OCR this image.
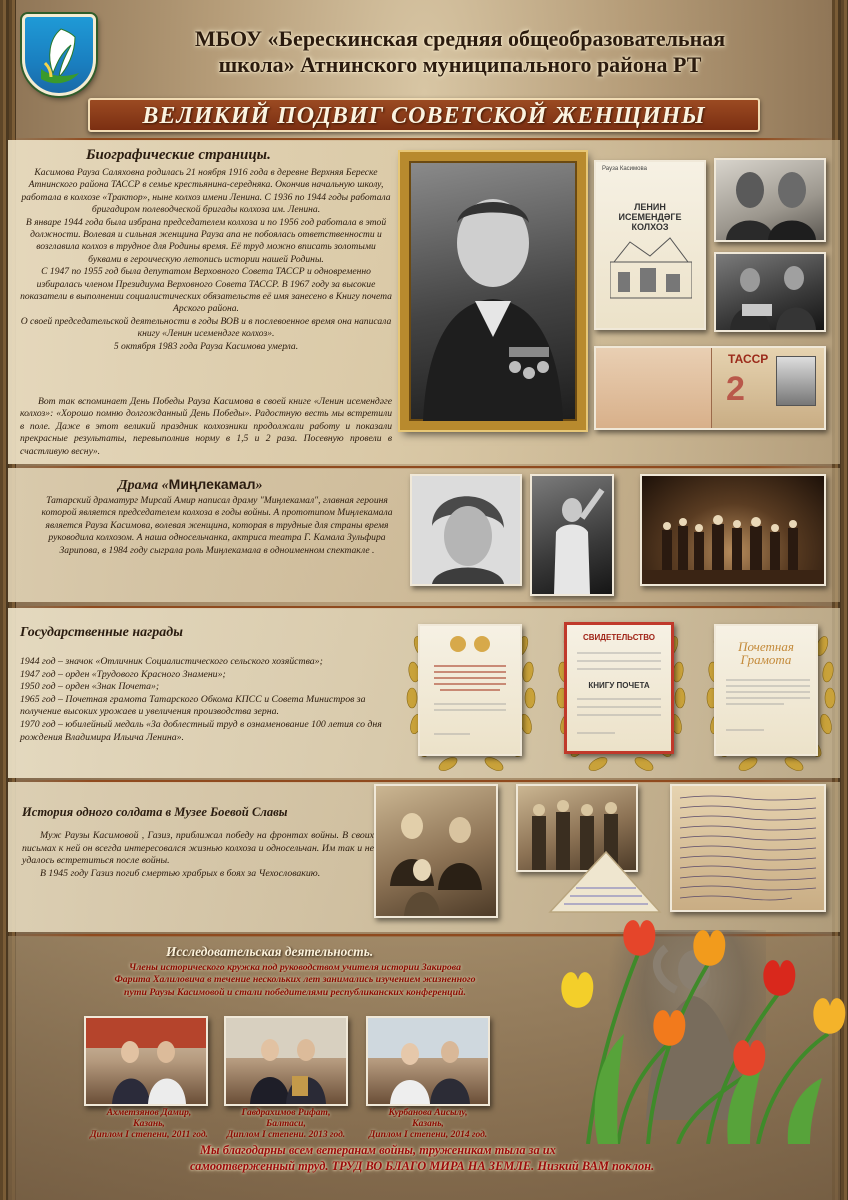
МБОУ «Берескинская средняя общеобразовательная
школа» Атнинского муниципального района РТ
ВЕЛИКИЙ ПОДВИГ СОВЕТСКОЙ ЖЕНЩИНЫ
Биографические страницы.

Касимова Рауза Саляховна родилась 21 ноября 1916 года в деревне Верхняя Береске Атнинского района ТАССР в семье крестьянина-середняка. Окончив начальную школу, работала в колхозе «Трактор», ныне колхоз имени Ленина. С 1936 по 1944 годы работала бригадиром полеводческой бригады колхоза им. Ленина.

В январе 1944 года была избрана председателем колхоза и по 1956 год работала в этой должности. Волевая и сильная женщина Рауза апа не побоялась ответственности и возглавила колхоз в трудное для Родины время. Её труд можно вписать золотыми буквами в героическую летопись истории нашей Родины.

С 1947 по 1955 год была депутатом Верховного Совета ТАССР и одновременно избиралась членом Президиума Верховного Совета ТАССР. В 1967 году за высокие показатели в выполнении социалистических обязательств её имя занесено в Книгу почета Арского района.

О своей председательской деятельности в годы ВОВ и в послевоенное время она написала книгу «Ленин исемендәге колхоз».

5 октября 1983 года Рауза Касимова умерла.

Вот так вспоминает День Победы Рауза Касимова в своей книге «Ленин исемендәге колхоз»: «Хорошо помню долгожданный День Победы». Радостную весть мы встретили в поле. Даже в этот великий праздник колхозники продолжали работу и показали прекрасные результаты, перевыполнив норму в 1,5 и 2 раза. Посевную провели в счастливую весну».

Рауза Касимова
ЛЕНИН ИСЕМЕНДӘГЕ КОЛХОЗ
ТАССР
2
Драма «Миңлекамал»

Татарский драматург Мирсай Амир написал драму "Миңлекамал", главная героиня которой является председателем колхоза в годы войны. А прототипом Миңлекамала является Рауза Касимова, волевая женщина, которая в трудные для страны время руководила колхозом. А наша односельчанка, актриса театра Г. Камала Зульфира Зарипова, в 1984 году сыграла роль Миңлекамала в одноименном спектакле .

Государственные награды
1944 год – значок «Отличник Социалистического сельского хозяйства»;
1947 год – орден «Трудового Красного Знамени»;
1950 год – орден «Знак Почета»;
1965 год – Почетная грамота Татарского Обкома КПСС и Совета Министров за получение высоких урожаев и увеличения производства зерна.
1970 год – юбилейный медаль «За доблестный труд в ознаменование 100 летия со дня рождения Владимира Ильича Ленина».
СВИДЕТЕЛЬСТВО
КНИГУ ПОЧЕТА
Почетная Грамота
История одного солдата в Музее Боевой Славы

Муж Раузы Касимовой , Газиз, приближал победу на фронтах войны. В своих письмах к ней он всегда интересовался жизнью колхоза и односельчан. Им так и не удалось встретиться после войны.

В 1945 году Газиз погиб смертью храбрых в боях за Чехословакию.

Исследовательская деятельность.
Члены исторического кружка под руководством учителя истории Закирова Фарита Халиловича в течение нескольких лет занимались изучением жизненного пути Раузы Касимовой и стали победителями республиканских конференций.
Ахметзянов Дамир,
Казань,
Диплом I степени, 2011 год.
Гавдрахимов Рифат,
Балтаси,
Диплом I степени. 2013 год.
Курбанова Аисылу,
Казань,
Диплом I степени, 2014 год.
Мы благодарны всем ветеранам войны, труженикам тыла за их
самоотверженный труд. ТРУД ВО БЛАГО МИРА НА ЗЕМЛЕ. Низкий ВАМ поклон.
